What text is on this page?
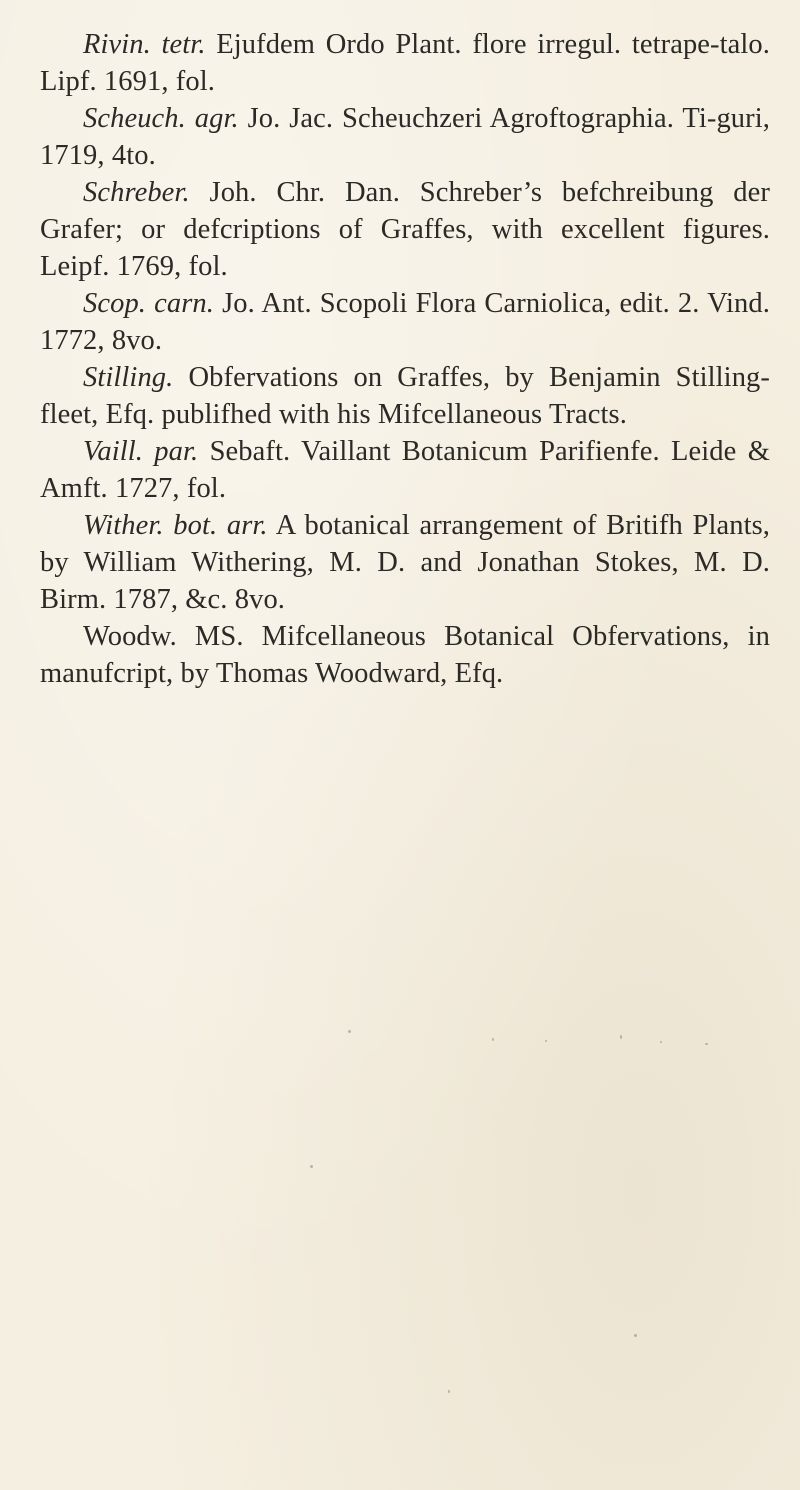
Rivin. tetr. Ejufdem Ordo Plant. flore irregul. tetrape-talo. Lipf. 1691, fol.

Scheuch. agr. Jo. Jac. Scheuchzeri Agroftographia. Ti-guri, 1719, 4to.

Schreber. Joh. Chr. Dan. Schreber’s befchreibung der Grafer; or defcriptions of Graffes, with excellent figures. Leipf. 1769, fol.

Scop. carn. Jo. Ant. Scopoli Flora Carniolica, edit. 2. Vind. 1772, 8vo.

Stilling. Obfervations on Graffes, by Benjamin Stilling-fleet, Efq. publifhed with his Mifcellaneous Tracts.

Vaill. par. Sebaft. Vaillant Botanicum Parifienfe. Leide & Amft. 1727, fol.

Wither. bot. arr. A botanical arrangement of Britifh Plants, by William Withering, M. D. and Jonathan Stokes, M. D. Birm. 1787, &c. 8vo.

Woodw. MS. Mifcellaneous Botanical Obfervations, in manufcript, by Thomas Woodward, Efq.
